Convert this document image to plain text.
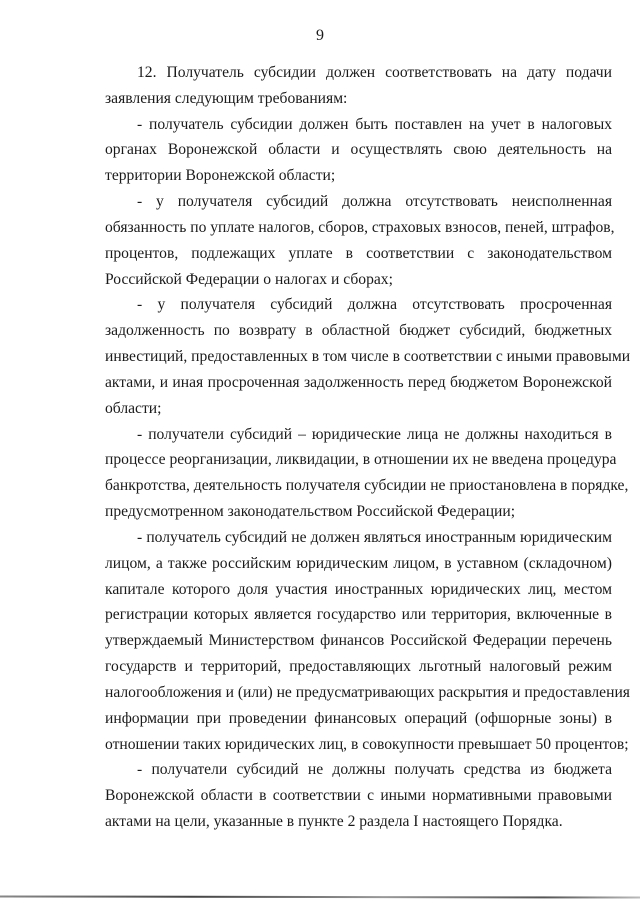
9
12. Получатель субсидии должен соответствовать на дату подачи
заявления следующим требованиям:
- получатель субсидии должен быть поставлен на учет в налоговых
органах Воронежской области и осуществлять свою деятельность на
территории Воронежской области;
- у получателя субсидий должна отсутствовать неисполненная
обязанность по уплате налогов, сборов, страховых взносов, пеней, штрафов,
процентов, подлежащих уплате в соответствии с законодательством
Российской Федерации о налогах и сборах;
- у получателя субсидий должна отсутствовать просроченная
задолженность по возврату в областной бюджет субсидий, бюджетных
инвестиций, предоставленных в том числе в соответствии с иными правовыми
актами, и иная просроченная задолженность перед бюджетом Воронежской
области;
- получатели субсидий – юридические лица не должны находиться в
процессе реорганизации, ликвидации, в отношении их не введена процедура
банкротства, деятельность получателя субсидии не приостановлена в порядке,
предусмотренном законодательством Российской Федерации;
- получатель субсидий не должен являться иностранным юридическим
лицом, а также российским юридическим лицом, в уставном (складочном)
капитале которого доля участия иностранных юридических лиц, местом
регистрации которых является государство или территория, включенные в
утверждаемый Министерством финансов Российской Федерации перечень
государств и территорий, предоставляющих льготный налоговый режим
налогообложения и (или) не предусматривающих раскрытия и предоставления
информации при проведении финансовых операций (офшорные зоны) в
отношении таких юридических лиц, в совокупности превышает 50 процентов;
- получатели субсидий не должны получать средства из бюджета
Воронежской области в соответствии с иными нормативными правовыми
актами на цели, указанные в пункте 2 раздела I настоящего Порядка.
